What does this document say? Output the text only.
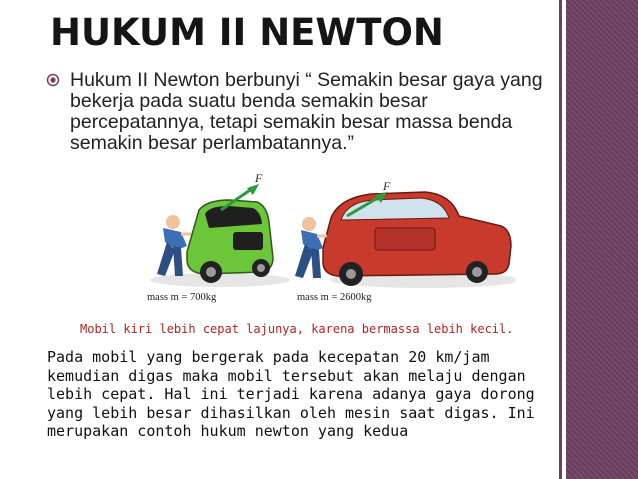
HUKUM II NEWTON

Hukum II Newton berbunyi “ Semakin besar gaya yang bekerja pada suatu benda semakin besar percepatannya, tetapi semakin besar massa benda semakin besar perlambatannya.”

F
F
mass m = 700kg	mass m = 2600kg

Mobil kiri lebih cepat lajunya, karena bermassa lebih kecil.

Pada mobil yang bergerak pada kecepatan 20 km/jam kemudian digas maka mobil tersebut akan melaju dengan lebih cepat. Hal ini terjadi karena adanya gaya dorong yang lebih besar dihasilkan oleh mesin saat digas. Ini merupakan contoh hukum newton yang kedua
